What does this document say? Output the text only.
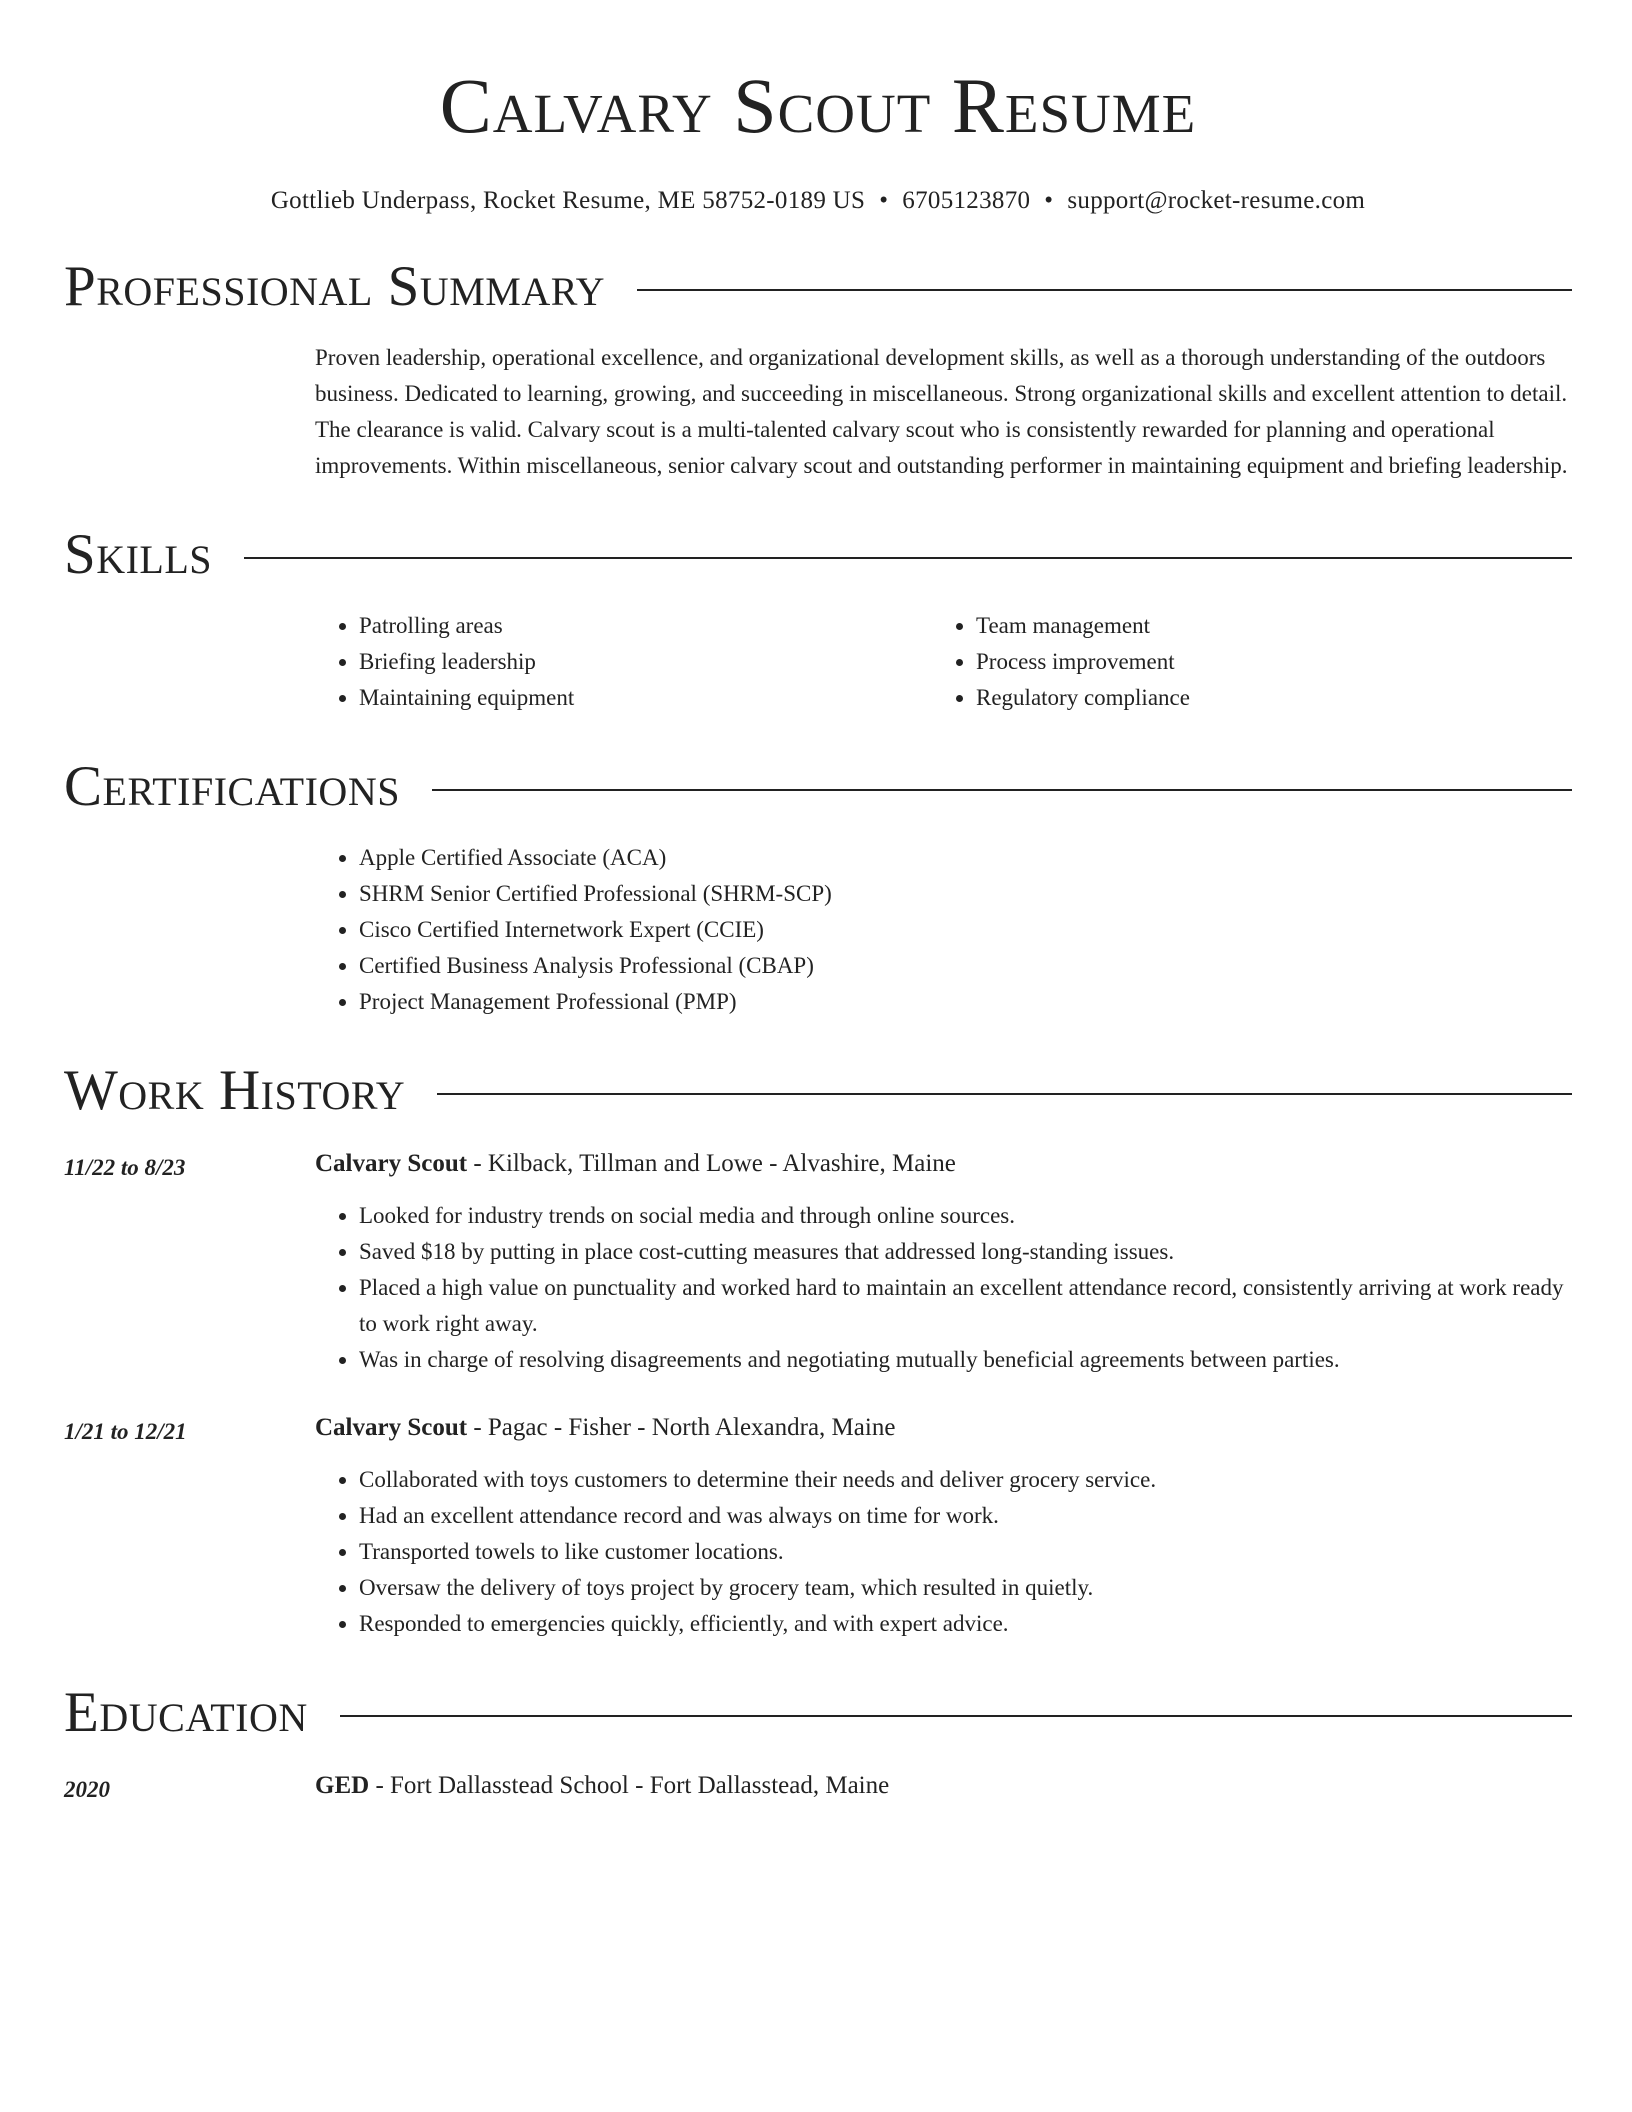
Calvary Scout Resume
Gottlieb Underpass, Rocket Resume, ME 58752-0189 US • 6705123870 • support@rocket-resume.com
Professional Summary
Proven leadership, operational excellence, and organizational development skills, as well as a thorough understanding of the outdoors business. Dedicated to learning, growing, and succeeding in miscellaneous. Strong organizational skills and excellent attention to detail. The clearance is valid. Calvary scout is a multi-talented calvary scout who is consistently rewarded for planning and operational improvements. Within miscellaneous, senior calvary scout and outstanding performer in maintaining equipment and briefing leadership.
Skills
• Patrolling areas
• Briefing leadership
• Maintaining equipment
• Team management
• Process improvement
• Regulatory compliance
Certifications
• Apple Certified Associate (ACA)
• SHRM Senior Certified Professional (SHRM-SCP)
• Cisco Certified Internetwork Expert (CCIE)
• Certified Business Analysis Professional (CBAP)
• Project Management Professional (PMP)
Work History
11/22 to 8/23	Calvary Scout - Kilback, Tillman and Lowe - Alvashire, Maine
• Looked for industry trends on social media and through online sources.
• Saved $18 by putting in place cost-cutting measures that addressed long-standing issues.
• Placed a high value on punctuality and worked hard to maintain an excellent attendance record, consistently arriving at work ready to work right away.
• Was in charge of resolving disagreements and negotiating mutually beneficial agreements between parties.
1/21 to 12/21	Calvary Scout - Pagac - Fisher - North Alexandra, Maine
• Collaborated with toys customers to determine their needs and deliver grocery service.
• Had an excellent attendance record and was always on time for work.
• Transported towels to like customer locations.
• Oversaw the delivery of toys project by grocery team, which resulted in quietly.
• Responded to emergencies quickly, efficiently, and with expert advice.
Education
2020	GED - Fort Dallasstead School - Fort Dallasstead, Maine
